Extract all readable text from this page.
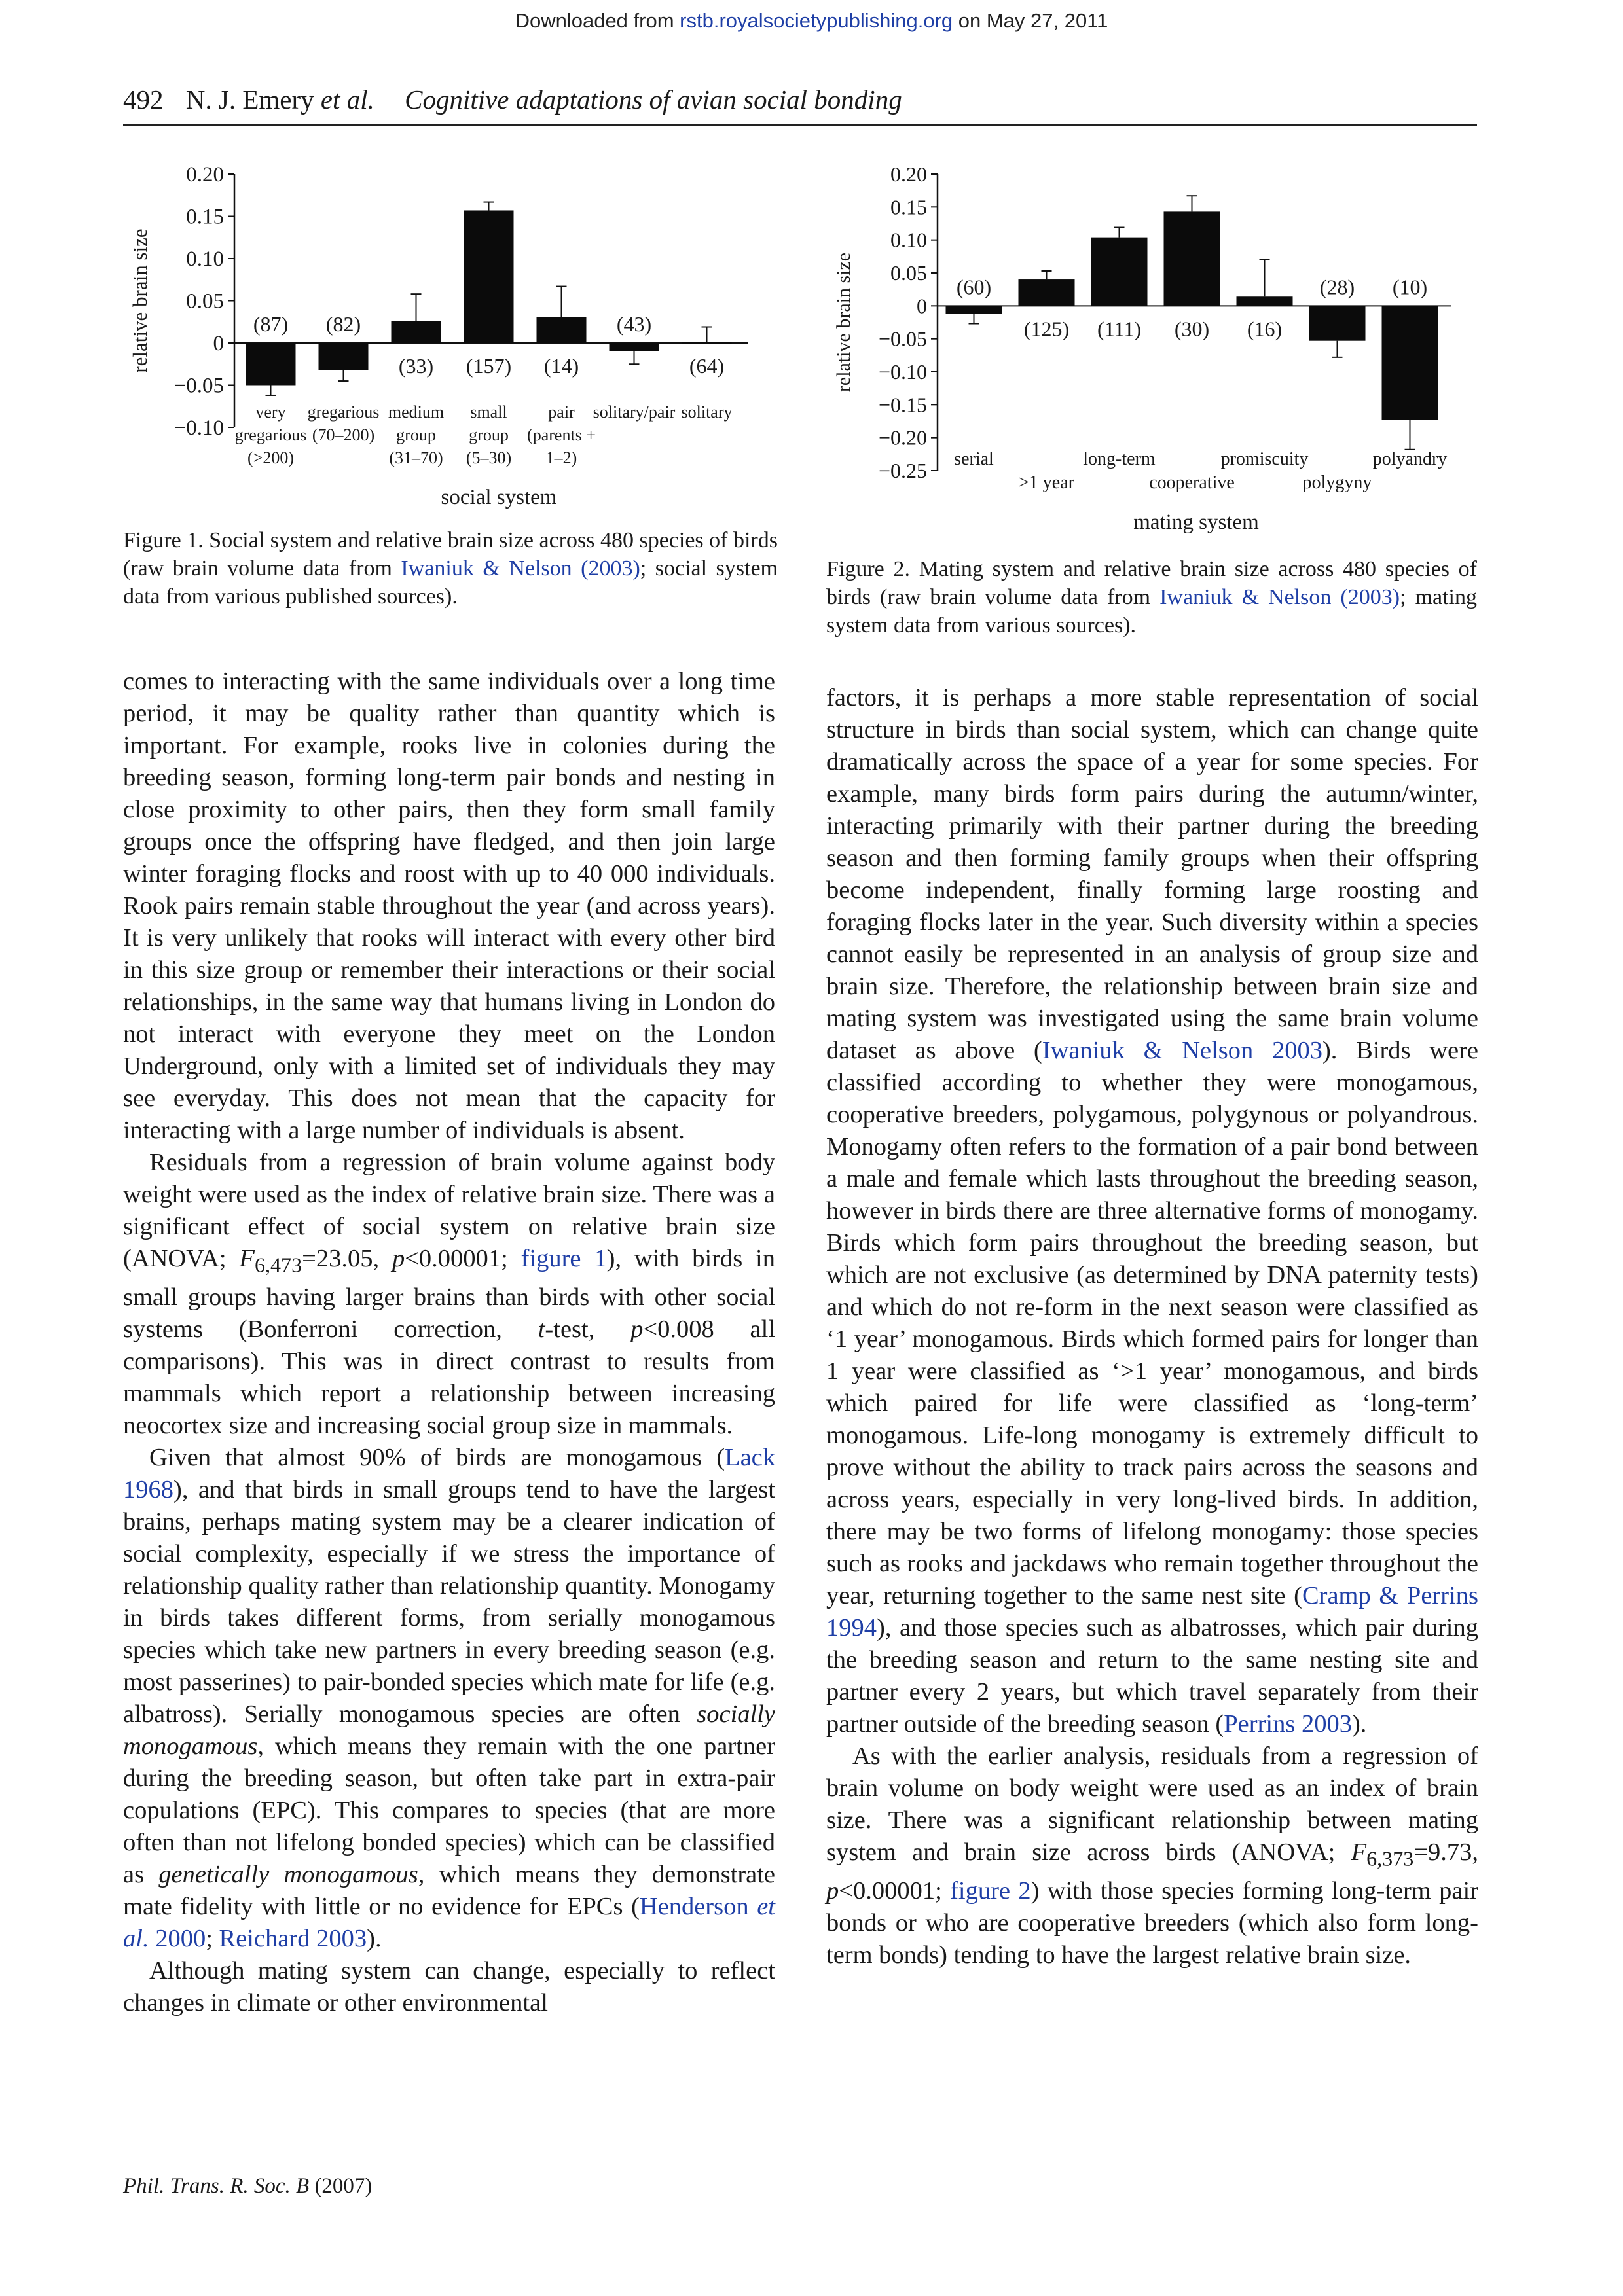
Downloaded from rstb.royalsocietypublishing.org on May 27, 2011
492 N. J. Emery et al. Cognitive adaptations of avian social bonding
0.20
0.15
0.10
0.05
0
−0.05
−0.10
relative brain size	(87) (82)
(33) (157) (14)
(43)
(64)
very
gregarious
(>200)
gregarious
(70–200)
medium
group
(31–70)
small
group
(5–30)
pair
(parents +
1–2)
solitary/pair solitary
social system
0.20
0.15
0.10
0.05
0
−0.05
−0.10
−0.15
−0.20
−0.25
relative brain size	(60)
(125) (111) (30) (16)
(28) (10)
serial
>1 year
long-term
cooperative
promiscuity
polygyny
polyandry
mating system
Figure 1. Social system and relative brain size across 480 species of birds (raw brain volume data from Iwaniuk & Nelson (2003); social system data from various published sources).
Figure 2. Mating system and relative brain size across 480 species of birds (raw brain volume data from Iwaniuk & Nelson (2003); mating system data from various sources).

comes to interacting with the same individuals over a long time period, it may be quality rather than quantity which is important. For example, rooks live in colonies during the breeding season, forming long-term pair bonds and nesting in close proximity to other pairs, then they form small family groups once the offspring have fledged, and then join large winter foraging flocks and roost with up to 40 000 individuals. Rook pairs remain stable throughout the year (and across years). It is very unlikely that rooks will interact with every other bird in this size group or remember their interactions or their social relationships, in the same way that humans living in London do not interact with everyone they meet on the London Underground, only with a limited set of individuals they may see everyday. This does not mean that the capacity for interacting with a large number of individuals is absent.

Residuals from a regression of brain volume against body weight were used as the index of relative brain size. There was a significant effect of social system on relative brain size (ANOVA; $F_{6,473}=23.05$, p<0.00001; figure 1), with birds in small groups having larger brains than birds with other social systems (Bonferroni correction, t-test, p<0.008 all comparisons). This was in direct contrast to results from mammals which report a relationship between increasing neocortex size and increasing social group size in mammals.

Given that almost 90% of birds are monogamous (Lack 1968), and that birds in small groups tend to have the largest brains, perhaps mating system may be a clearer indication of social complexity, especially if we stress the importance of relationship quality rather than relationship quantity. Monogamy in birds takes different forms, from serially monogamous species which take new partners in every breeding season (e.g. most passerines) to pair-bonded species which mate for life (e.g. albatross). Serially monogamous species are often socially monogamous, which means they remain with the one partner during the breeding season, but often take part in extra-pair copulations (EPC). This compares to species (that are more often than not lifelong bonded species) which can be classified as genetically monogamous, which means they demonstrate mate fidelity with little or no evidence for EPCs (Henderson et al. 2000; Reichard 2003).

Although mating system can change, especially to reflect changes in climate or other environmental

factors, it is perhaps a more stable representation of social structure in birds than social system, which can change quite dramatically across the space of a year for some species. For example, many birds form pairs during the autumn/winter, interacting primarily with their partner during the breeding season and then forming family groups when their offspring become independent, finally forming large roosting and foraging flocks later in the year. Such diversity within a species cannot easily be represented in an analysis of group size and brain size. Therefore, the relationship between brain size and mating system was investigated using the same brain volume dataset as above (Iwaniuk & Nelson 2003). Birds were classified according to whether they were monogamous, cooperative breeders, polygamous, polygynous or polyandrous. Monogamy often refers to the formation of a pair bond between a male and female which lasts throughout the breeding season, however in birds there are three alternative forms of monogamy. Birds which form pairs throughout the breeding season, but which are not exclusive (as determined by DNA paternity tests) and which do not re-form in the next season were classified as ‘1 year’ monogamous. Birds which formed pairs for longer than 1 year were classified as ‘>1 year’ monogamous, and birds which paired for life were classified as ‘long-term’ monogamous. Life-long monogamy is extremely difficult to prove without the ability to track pairs across the seasons and across years, especially in very long-lived birds. In addition, there may be two forms of lifelong monogamy: those species such as rooks and jackdaws who remain together throughout the year, returning together to the same nest site (Cramp & Perrins 1994), and those species such as albatrosses, which pair during the breeding season and return to the same nesting site and partner every 2 years, but which travel separately from their partner outside of the breeding season (Perrins 2003).

As with the earlier analysis, residuals from a regression of brain volume on body weight were used as an index of brain size. There was a significant relationship between mating system and brain size across birds (ANOVA; $F_{6,373}=9.73$, p<0.00001; figure 2) with those species forming long-term pair bonds or who are cooperative breeders (which also form long-term bonds) tending to have the largest relative brain size.

Phil. Trans. R. Soc. B (2007)
